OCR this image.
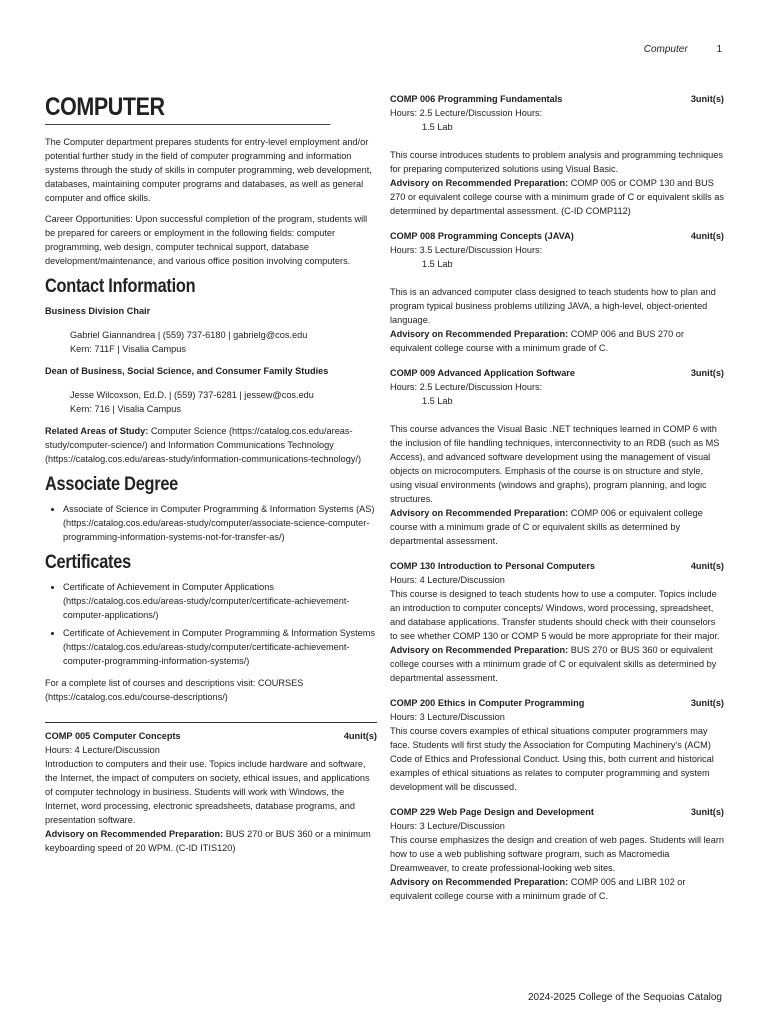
Computer	1
COMPUTER

The Computer department prepares students for entry-level employment and/or potential further study in the field of computer programming and information systems through the study of skills in computer programming, web development, databases, maintaining computer programs and databases, as well as general computer and office skills.

Career Opportunities: Upon successful completion of the program, students will be prepared for careers or employment in the following fields: computer programming, web design, computer technical support, database development/maintenance, and various office position involving computers.

Contact Information
Business Division Chair
Gabriel Giannandrea | (559) 737-6180 | gabrielg@cos.edu
Kern: 711F | Visalia Campus
Dean of Business, Social Science, and Consumer Family Studies
Jesse Wilcoxson, Ed.D. | (559) 737-6281 | jessew@cos.edu
Kern: 716 | Visalia Campus

Related Areas of Study: Computer Science (https://catalog.cos.edu/areas-study/computer-science/) and Information Communications Technology (https://catalog.cos.edu/areas-study/information-communications-technology/)

Associate Degree
• Associate of Science in Computer Programming & Information Systems (AS) (https://catalog.cos.edu/areas-study/computer/associate-science-computer-programming-information-systems-not-for-transfer-as/)
Certificates
• Certificate of Achievement in Computer Applications (https://catalog.cos.edu/areas-study/computer/certificate-achievement-computer-applications/)
• Certificate of Achievement in Computer Programming & Information Systems (https://catalog.cos.edu/areas-study/computer/certificate-achievement-computer-programming-information-systems/)

For a complete list of courses and descriptions visit: COURSES (https://catalog.cos.edu/course-descriptions/)

COMP 005 Computer Concepts	4unit(s)
Hours: 4 Lecture/Discussion
Introduction to computers and their use. Topics include hardware and software, the Internet, the impact of computers on society, ethical issues, and applications of computer technology in business. Students will work with Windows, the Internet, word processing, electronic spreadsheets, database programs, and presentation software.
Advisory on Recommended Preparation: BUS 270 or BUS 360 or a minimum keyboarding speed of 20 WPM. (C-ID ITIS120)
COMP 006 Programming Fundamentals	3unit(s)
Hours: 2.5 Lecture/Discussion Hours:
1.5 Lab
This course introduces students to problem analysis and programming techniques for preparing computerized solutions using Visual Basic.
Advisory on Recommended Preparation: COMP 005 or COMP 130 and BUS 270 or equivalent college course with a minimum grade of C or equivalent skills as determined by departmental assessment. (C-ID COMP112)
COMP 008 Programming Concepts (JAVA)	4unit(s)
Hours: 3.5 Lecture/Discussion Hours:
1.5 Lab
This is an advanced computer class designed to teach students how to plan and program typical business problems utilizing JAVA, a high-level, object-oriented language.
Advisory on Recommended Preparation: COMP 006 and BUS 270 or equivalent college course with a minimum grade of C.
COMP 009 Advanced Application Software	3unit(s)
Hours: 2.5 Lecture/Discussion Hours:
1.5 Lab
This course advances the Visual Basic .NET techniques learned in COMP 6 with the inclusion of file handling techniques, interconnectivity to an RDB (such as MS Access), and advanced software development using the management of visual objects on microcomputers. Emphasis of the course is on structure and style, using visual environments (windows and graphs), program planning, and logic structures.
Advisory on Recommended Preparation: COMP 006 or equivalent college course with a minimum grade of C or equivalent skills as determined by departmental assessment.
COMP 130 Introduction to Personal Computers	4unit(s)
Hours: 4 Lecture/Discussion
This course is designed to teach students how to use a computer. Topics include an introduction to computer concepts/ Windows, word processing, spreadsheet, and database applications. Transfer students should check with their counselors to see whether COMP 130 or COMP 5 would be more appropriate for their major.
Advisory on Recommended Preparation: BUS 270 or BUS 360 or equivalent college courses with a minimum grade of C or equivalent skills as determined by departmental assessment.
COMP 200 Ethics in Computer Programming	3unit(s)
Hours: 3 Lecture/Discussion
This course covers examples of ethical situations computer programmers may face. Students will first study the Association for Computing Machinery's (ACM) Code of Ethics and Professional Conduct. Using this, both current and historical examples of ethical situations as relates to computer programming and system development will be discussed.
COMP 229 Web Page Design and Development	3unit(s)
Hours: 3 Lecture/Discussion
This course emphasizes the design and creation of web pages. Students will learn how to use a web publishing software program, such as Macromedia Dreamweaver, to create professional-looking web sites.
Advisory on Recommended Preparation: COMP 005 and LIBR 102 or equivalent college course with a minimum grade of C.
2024-2025 College of the Sequoias Catalog
